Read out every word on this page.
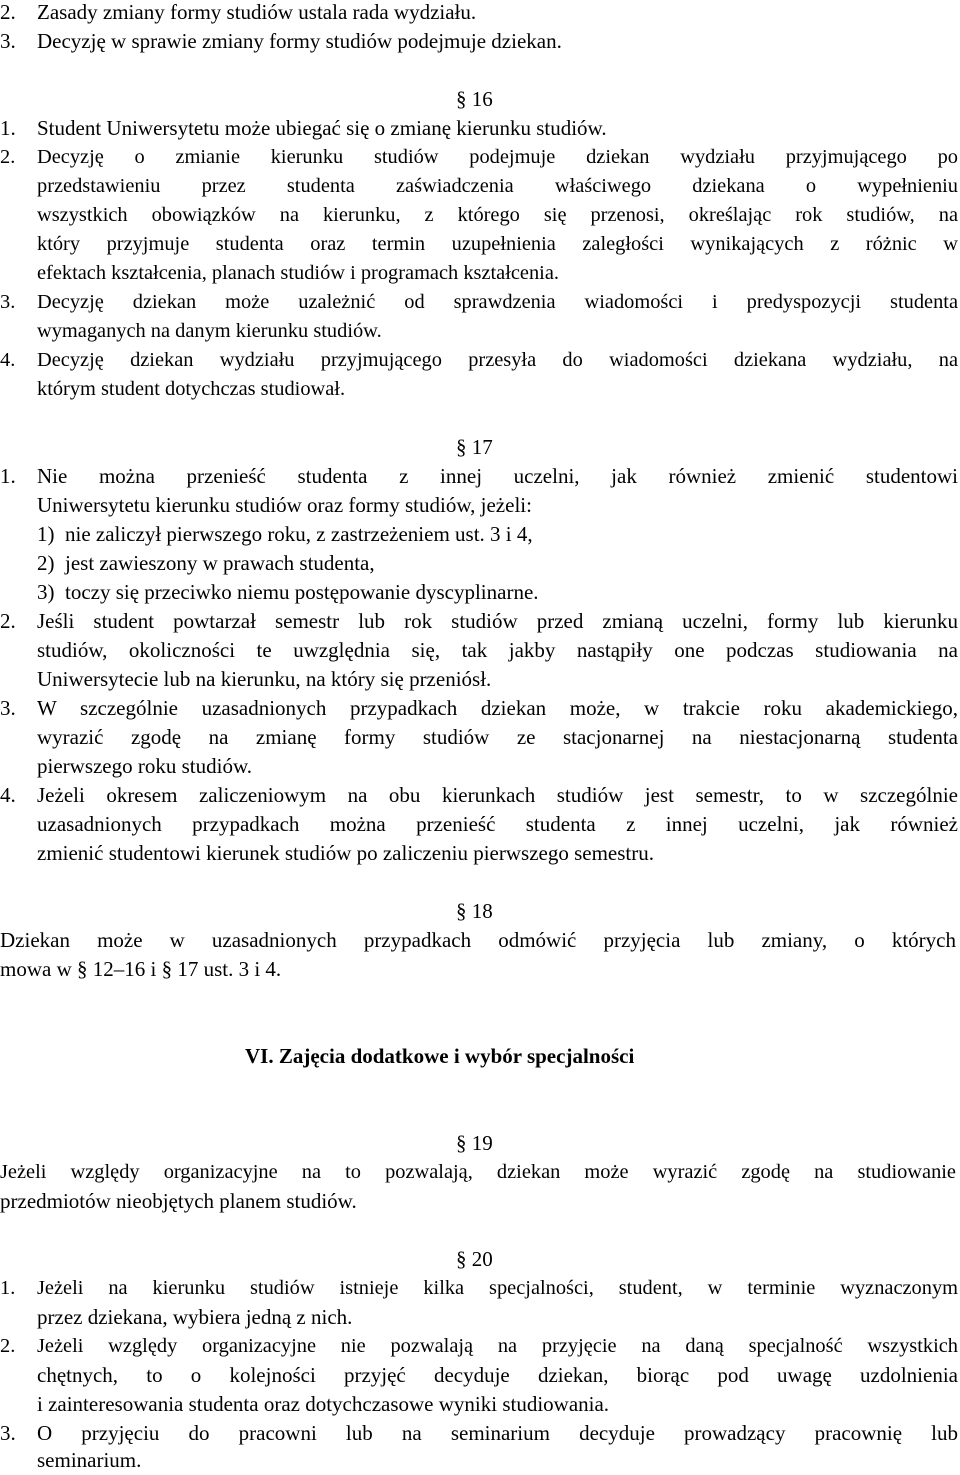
2. Zasady zmiany formy studiów ustala rada wydziału.
3. Decyzję w sprawie zmiany formy studiów podejmuje dziekan.
§ 16
1. Student Uniwersytetu może ubiegać się o zmianę kierunku studiów.
2. Decyzję o zmianie kierunku studiów podejmuje dziekan wydziału przyjmującego po
przedstawieniu przez studenta zaświadczenia właściwego dziekana o wypełnieniu
wszystkich obowiązków na kierunku, z którego się przenosi, określając rok studiów, na
który przyjmuje studenta oraz termin uzupełnienia zaległości wynikających z różnic w
efektach kształcenia, planach studiów i programach kształcenia.
3. Decyzję dziekan może uzależnić od sprawdzenia wiadomości i predyspozycji studenta
wymaganych na danym kierunku studiów.
4. Decyzję dziekan wydziału przyjmującego przesyła do wiadomości dziekana wydziału, na
którym student dotychczas studiował.
§ 17
1. Nie można przenieść studenta z innej uczelni, jak również zmienić studentowi
Uniwersytetu kierunku studiów oraz formy studiów, jeżeli:
1)  nie zaliczył pierwszego roku, z zastrzeżeniem ust. 3 i 4,
2)  jest zawieszony w prawach studenta,
3)  toczy się przeciwko niemu postępowanie dyscyplinarne.
2. Jeśli student powtarzał semestr lub rok studiów przed zmianą uczelni, formy lub kierunku
studiów, okoliczności te uwzględnia się, tak jakby nastąpiły one podczas studiowania na
Uniwersytecie lub na kierunku, na który się przeniósł.
3. W szczególnie uzasadnionych przypadkach dziekan może, w trakcie roku akademickiego,
wyrazić zgodę na zmianę formy studiów ze stacjonarnej na niestacjonarną studenta
pierwszego roku studiów.
4. Jeżeli okresem zaliczeniowym na obu kierunkach studiów jest semestr, to w szczególnie
uzasadnionych przypadkach można przenieść studenta z innej uczelni, jak również
zmienić studentowi kierunek studiów po zaliczeniu pierwszego semestru.
§ 18
Dziekan może w uzasadnionych przypadkach odmówić przyjęcia lub zmiany, o których
mowa w § 12–16 i § 17 ust. 3 i 4.
VI. Zajęcia dodatkowe i wybór specjalności
§ 19
Jeżeli względy organizacyjne na to pozwalają, dziekan może wyrazić zgodę na studiowanie
przedmiotów nieobjętych planem studiów.
§ 20
1. Jeżeli na kierunku studiów istnieje kilka specjalności, student, w terminie wyznaczonym
przez dziekana, wybiera jedną z nich.
2. Jeżeli względy organizacyjne nie pozwalają na przyjęcie na daną specjalność wszystkich
chętnych, to o kolejności przyjęć decyduje dziekan, biorąc pod uwagę uzdolnienia
i zainteresowania studenta oraz dotychczasowe wyniki studiowania.
3. O przyjęciu do pracowni lub na seminarium decyduje prowadzący pracownię lub
seminarium.
